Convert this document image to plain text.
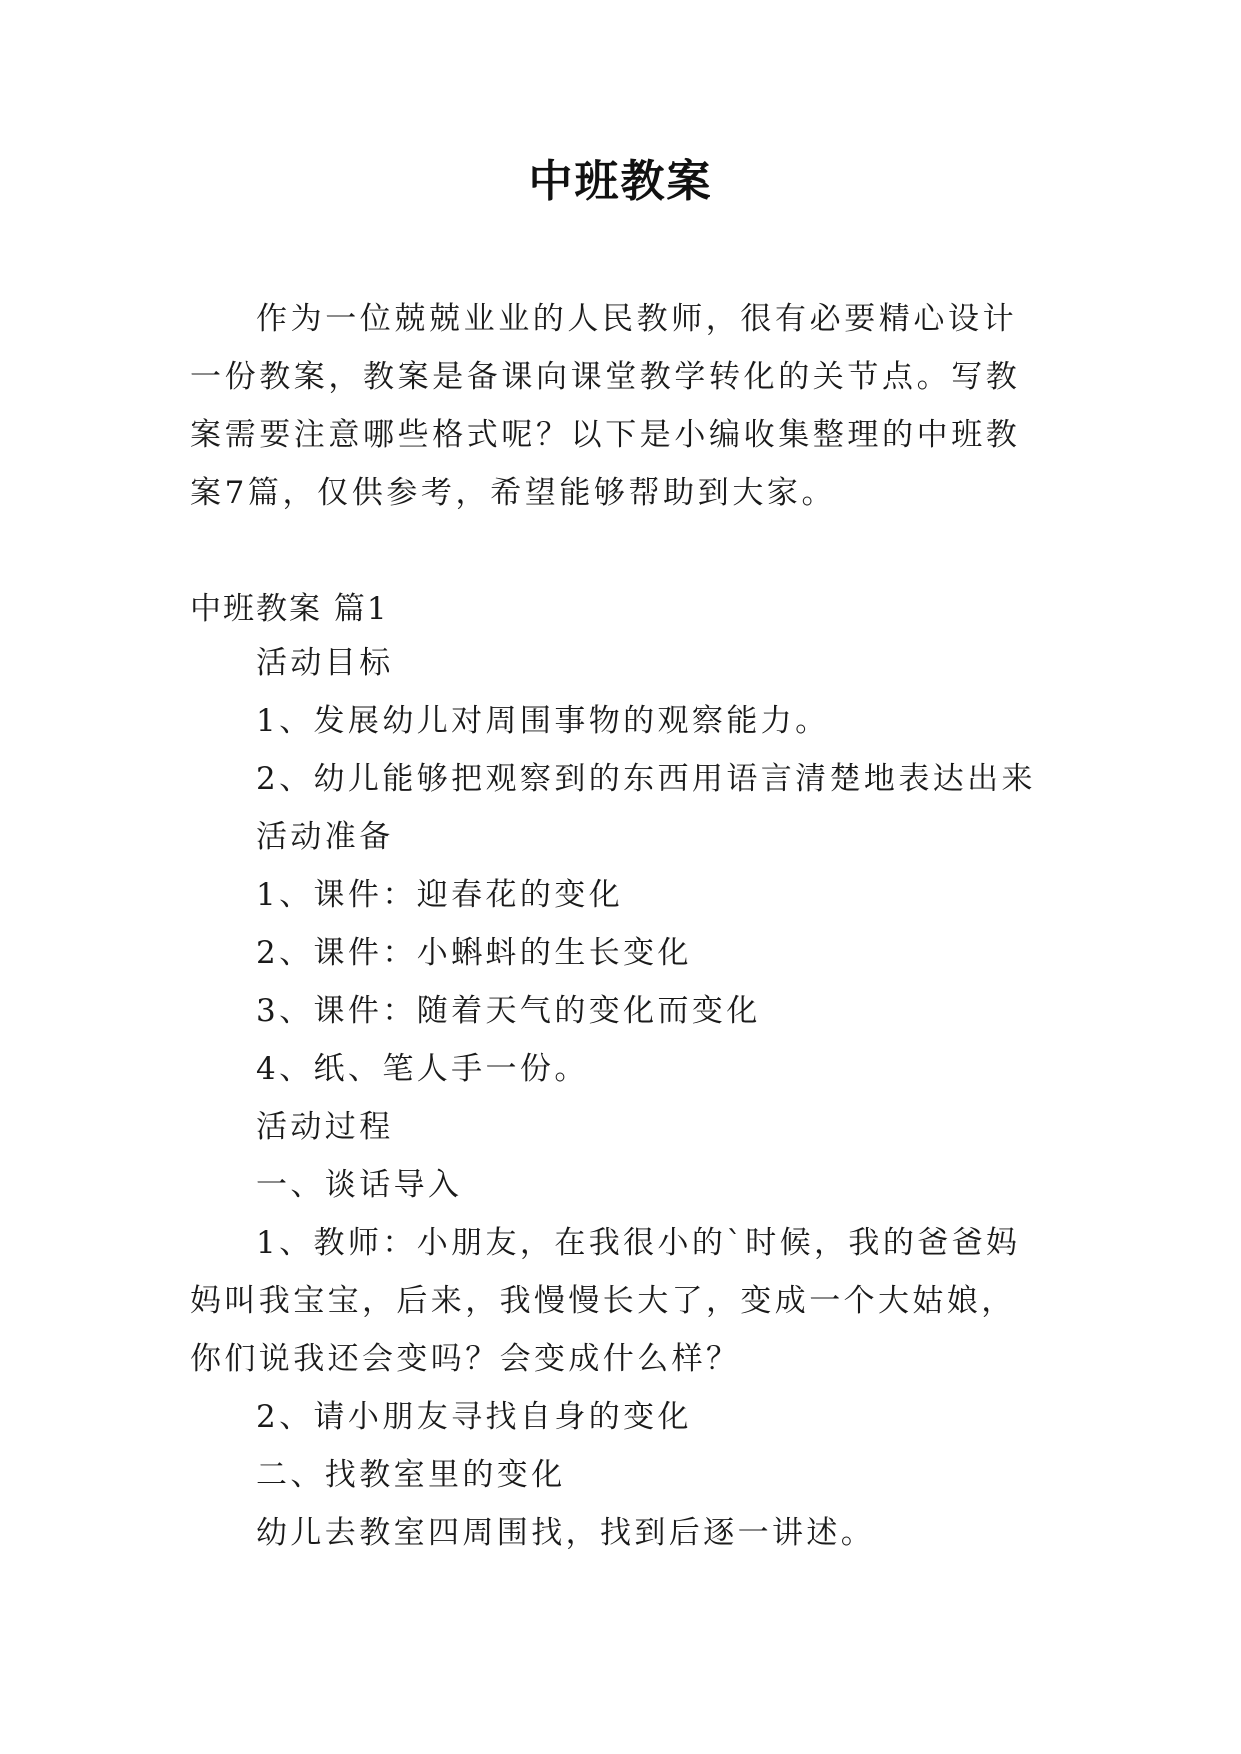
中班教案

作为一位兢兢业业的人民教师，很有必要精心设计一份教案，教案是备课向课堂教学转化的关节点。写教案需要注意哪些格式呢？以下是小编收集整理的中班教案7篇，仅供参考，希望能够帮助到大家。

中班教案 篇1

活动目标

1、发展幼儿对周围事物的观察能力。

2、幼儿能够把观察到的东西用语言清楚地表达出来

活动准备

1、课件：迎春花的变化

2、课件：小蝌蚪的生长变化

3、课件：随着天气的变化而变化

4、纸、笔人手一份。

活动过程

一、谈话导入

1、教师：小朋友，在我很小的`时候，我的爸爸妈妈叫我宝宝，后来，我慢慢长大了，变成一个大姑娘，你们说我还会变吗？会变成什么样？

2、请小朋友寻找自身的变化

二、找教室里的变化

幼儿去教室四周围找，找到后逐一讲述。
